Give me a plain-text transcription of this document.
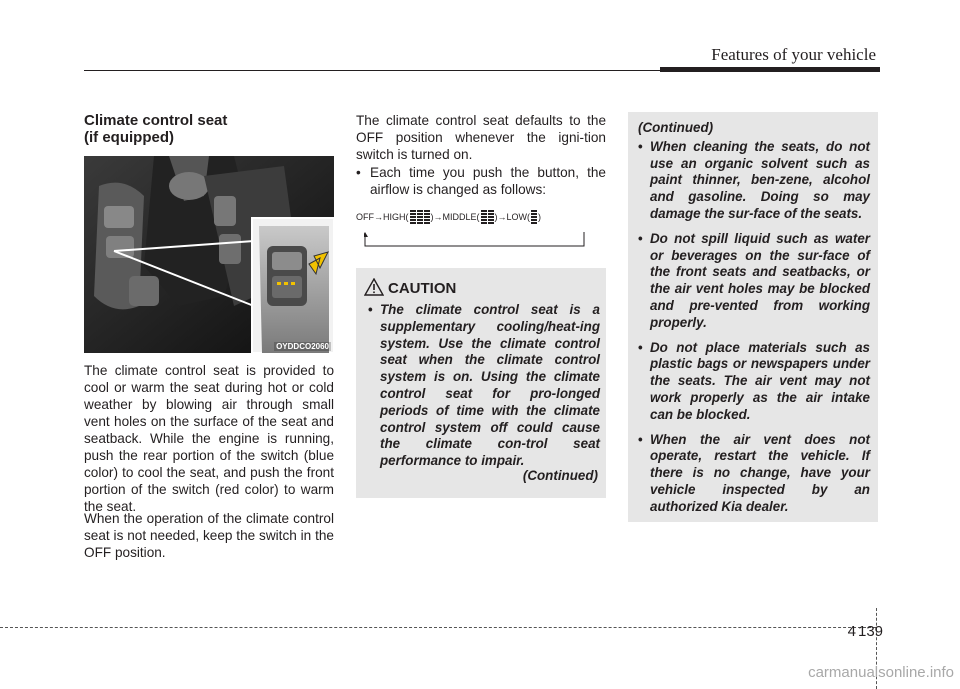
Features of your vehicle

Climate control seat

(if equipped)

OYDDCO2060

The climate control seat is provided to cool or warm the seat during hot or cold weather by blowing air through small vent holes on the surface of the seat and seatback. While the engine is running, push the rear portion of the switch (blue color) to cool the seat, and push the front portion of the switch (red color) to warm the seat.

When the operation of the climate control seat is not needed, keep the switch in the OFF position.

The climate control seat defaults to the OFF position whenever the igni-tion switch is turned on.

• Each time you push the button, the airflow is changed as follows:
OFF → HIGH( )→MIDDLE( )→LOW( )
CAUTION
• The climate control seat is a supplementary cooling/heat-ing system. Use the climate control seat when the climate control system is on. Using the climate control seat for pro-longed periods of time with the climate control system off could cause the climate con-trol seat performance to impair.
(Continued)
(Continued)
• When cleaning the seats, do not use an organic solvent such as paint thinner, ben-zene, alcohol and gasoline. Doing so may damage the sur-face of the seats.
• Do not spill liquid such as water or beverages on the sur-face of the front seats and seatbacks, or the air vent holes may be blocked and pre-vented from working properly.
• Do not place materials such as plastic bags or newspapers under the seats. The air vent may not work properly as the air intake can be blocked.
• When the air vent does not operate, restart the vehicle. If there is no change, have your vehicle inspected by an authorized Kia dealer.
4 139
carmanualsonline.info
